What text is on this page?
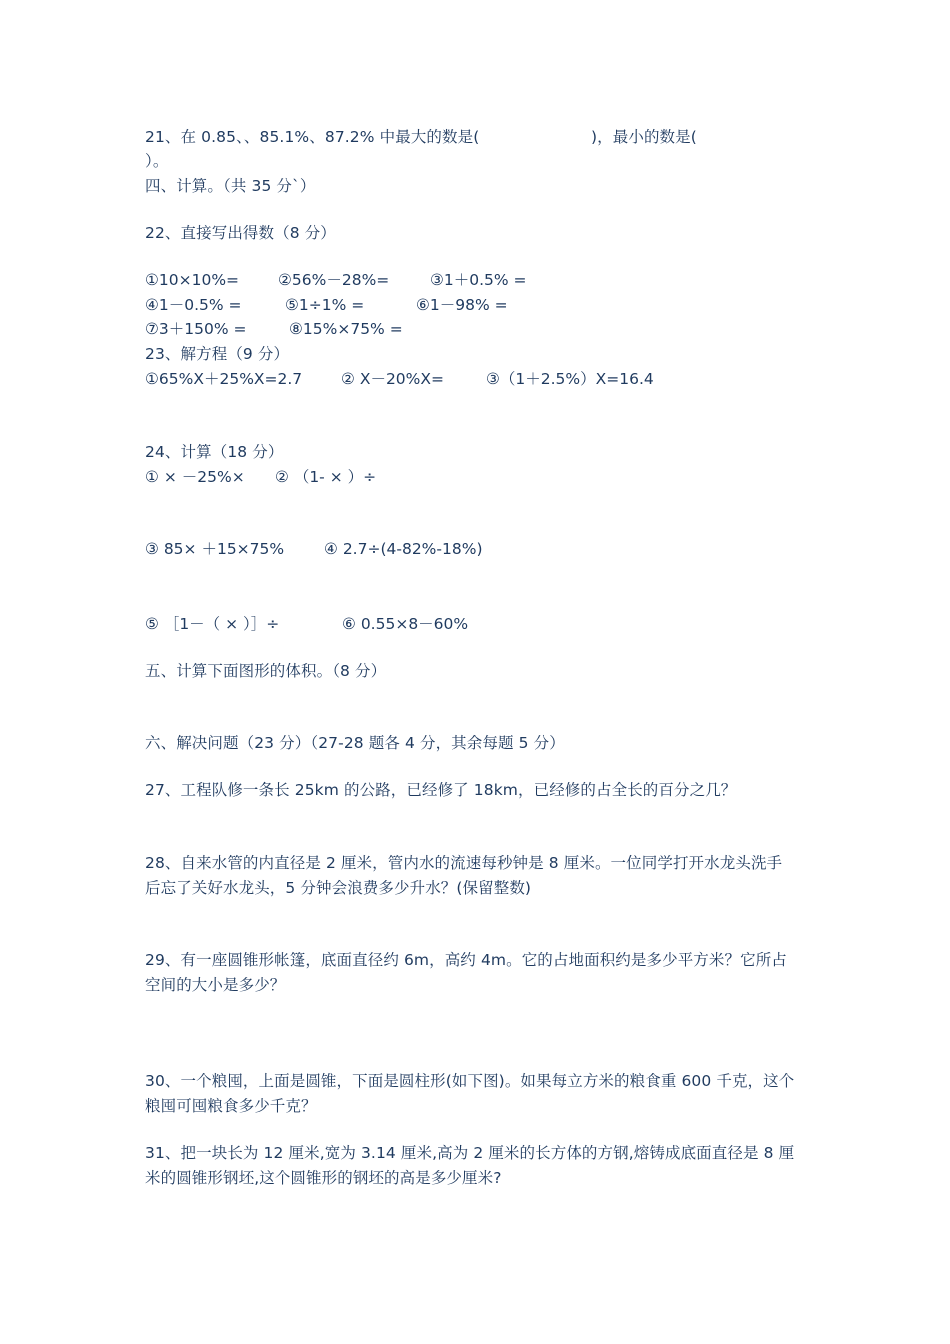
21、在 0.85、、85.1%、87.2% 中最大的数是(	)，最小的数是(
）。
四、计算。（共 35 分`）
22、直接写出得数（8 分）
①10×10%=	②56%－28%=	③1＋0.5% =
④1－0.5% =	⑤1÷1% =	⑥1－98% =
⑦3＋150% =	⑧15%×75% =
23、解方程（9 分）
①65%X＋25%X=2.7	② X－20%X=	③（1＋2.5%）X=16.4
24、计算（18 分）
① × －25%× ② （1- × ）÷
③ 85× ＋15×75%	④ 2.7÷(4-82%-18%)
⑤ ［1－（ × ）］÷	⑥ 0.55×8－60%
五、计算下面图形的体积。（8 分）
六、解决问题（23 分）（27-28 题各 4 分，其余每题 5 分）
27、工程队修一条长 25km 的公路，已经修了 18km，已经修的占全长的百分之几？
28、自来水管的内直径是 2 厘米，管内水的流速每秒钟是 8 厘米。一位同学打开水龙头洗手
后忘了关好水龙头，5 分钟会浪费多少升水？(保留整数)
29、有一座圆锥形帐篷，底面直径约 6m，高约 4m。它的占地面积约是多少平方米？它所占
空间的大小是多少？
30、一个粮囤，上面是圆锥，下面是圆柱形(如下图)。如果每立方米的粮食重 600 千克，这个
粮囤可囤粮食多少千克？
31、把一块长为 12 厘米,宽为 3.14 厘米,高为 2 厘米的长方体的方钢,熔铸成底面直径是 8 厘
米的圆锥形钢坯,这个圆锥形的钢坯的高是多少厘米?
